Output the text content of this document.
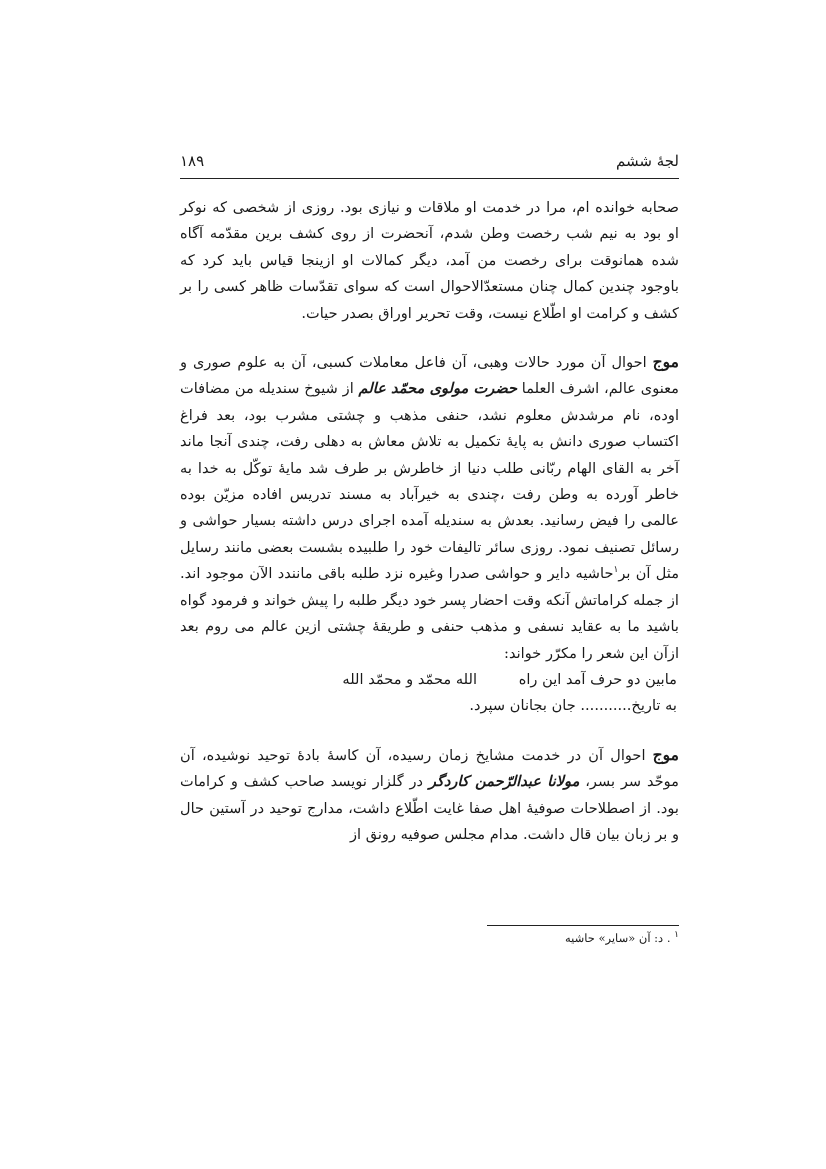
لجهٔ ششم
۱۸۹

صحابه خوانده ام، مرا در خدمت او ملاقات و نیازی بود. روزی از شخصی که نوکر او بود به نیم شب رخصت وطن شدم، آنحضرت از روی کشف برین مقدّمه آگاه شده همانوقت برای رخصت من آمد، دیگر کمالات او ازینجا قیاس باید کرد که باوجود چندین کمال چنان مستعدّالاحوال است که سوای تقدّسات ظاهر کسی را بر کشف و کرامت او اطّلاع نیست، وقت تحریر اوراق بصدر حیات.

موج احوال آن مورد حالات وهبی، آن فاعل معاملات کسبی، آن به علوم صوری و معنوی عالم، اشرف العلما حضرت مولوی محمّد عالم از شیوخ سندیله من مضافات اوده، نام مرشدش معلوم نشد، حنفی مذهب و چشتی مشرب بود، بعد فراغ اکتساب صوری دانش به پایهٔ تکمیل به تلاش معاش به دهلی رفت، چندی آنجا ماند آخر به القای الهام ربّانی طلب دنیا از خاطرش بر طرف شد مایهٔ توکّل به خدا به خاطر آورده به وطن رفت ،چندی به خیرآباد به مسند تدریس افاده مزیّن بوده عالمی را فیض رسانید. بعدش به سندیله آمده اجرای درس داشته بسیار حواشی و رسائل تصنیف نمود. روزی سائر تالیفات خود را طلبیده بشست بعضی مانند رسایل مثل آن بر$^۱$حاشیه دایر و حواشی صدرا وغیره نزد طلبه باقی مانندد الآن موجود اند. از جمله کراماتش آنکه وقت احضار پسر خود دیگر طلبه را پیش خواند و فرمود گواه باشید ما به عقاید نسفی و مذهب حنفی و طریقهٔ چشتی ازین عالم می روم بعد ازآن این شعر را مکرّر خواند:

مابین دو حرف آمد این راه
الله محمّد و محمّد الله
به تاریخ........... جان بجانان سپرد.

موج احوال آن در خدمت مشایخ زمان رسیده، آن کاسهٔ بادهٔ توحید نوشیده، آن موحّد سر بسر، مولانا عبدالرّحمن کاردگر در گلزار نویسد صاحب کشف و کرامات بود. از اصطلاحات صوفیهٔ اهل صفا غایت اطّلاع داشت، مدارج توحید در آستین حال و بر زبان بیان قال داشت. مدام مجلس صوفیه رونق از

$^۱$ . د: آن «سایر» حاشیه
